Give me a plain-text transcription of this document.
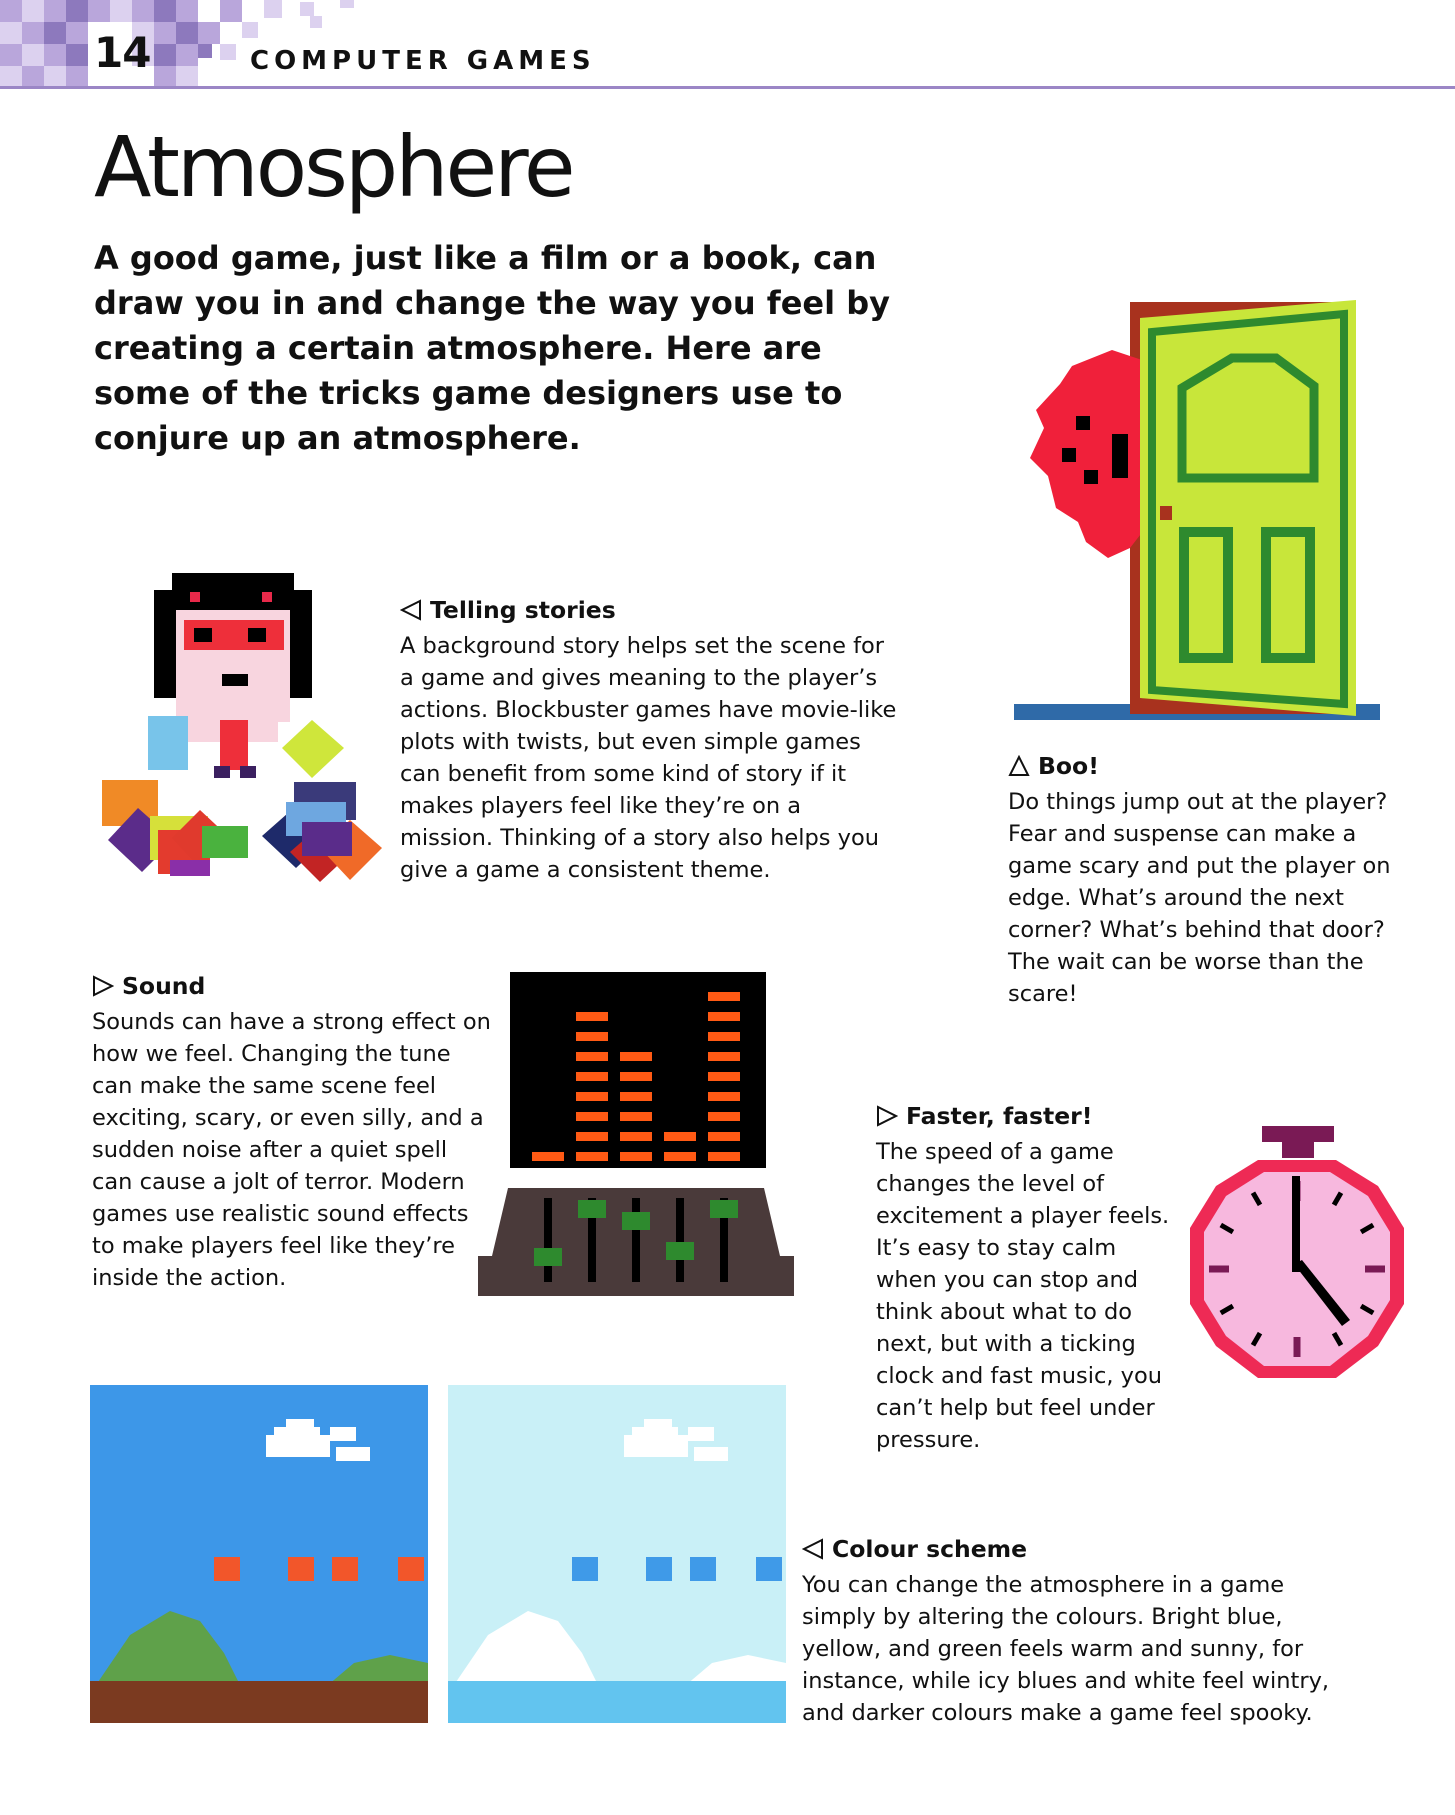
14	COMPUTER GAMES
Atmosphere

A good game, just like a film or a book, can draw you in and change the way you feel by creating a certain atmosphere. Here are some of the tricks game designers use to conjure up an atmosphere.

Telling stories

A background story helps set the scene for a game and gives meaning to the player’s actions. Blockbuster games have movie-like plots with twists, but even simple games can benefit from some kind of story if it makes players feel like they’re on a mission. Thinking of a story also helps you give a game a consistent theme.

Boo!

Do things jump out at the player? Fear and suspense can make a game scary and put the player on edge. What’s around the next corner? What’s behind that door? The wait can be worse than the scare!

Sound

Sounds can have a strong effect on how we feel. Changing the tune can make the same scene feel exciting, scary, or even silly, and a sudden noise after a quiet spell can cause a jolt of terror. Modern games use realistic sound effects to make players feel like they’re inside the action.

Faster, faster!

The speed of a game changes the level of excitement a player feels. It’s easy to stay calm when you can stop and think about what to do next, but with a ticking clock and fast music, you can’t help but feel under pressure.

Colour scheme

You can change the atmosphere in a game simply by altering the colours. Bright blue, yellow, and green feels warm and sunny, for instance, while icy blues and white feel wintry, and darker colours make a game feel spooky.
